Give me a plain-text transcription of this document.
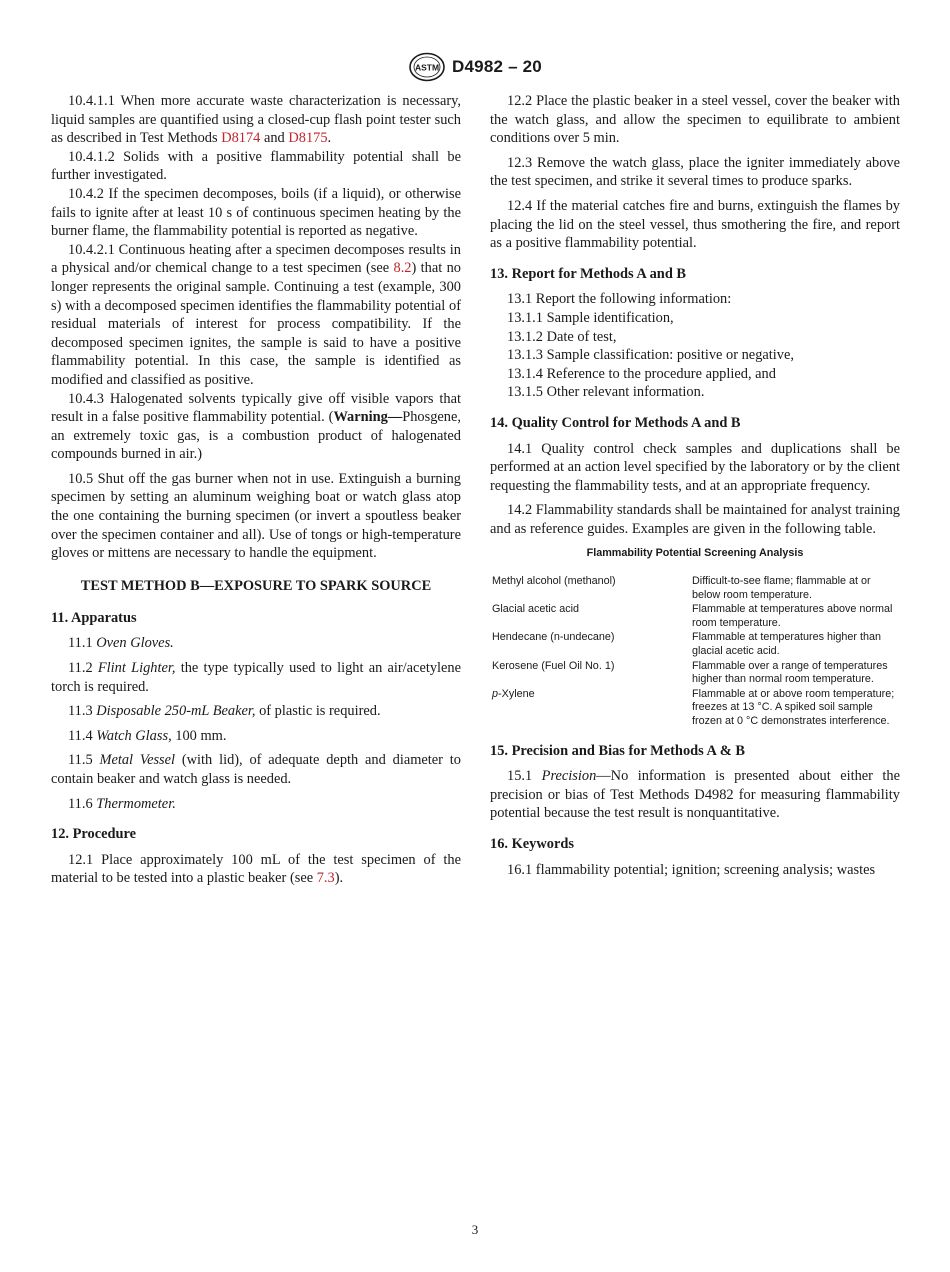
ASTM D4982 – 20

10.4.1.1 When more accurate waste characterization is necessary, liquid samples are quantified using a closed-cup flash point tester such as described in Test Methods D8174 and D8175.

10.4.1.2 Solids with a positive flammability potential shall be further investigated.

10.4.2 If the specimen decomposes, boils (if a liquid), or otherwise fails to ignite after at least 10 s of continuous specimen heating by the burner flame, the flammability potential is reported as negative.

10.4.2.1 Continuous heating after a specimen decomposes results in a physical and/or chemical change to a test specimen (see 8.2) that no longer represents the original sample. Continuing a test (example, 300 s) with a decomposed specimen identifies the flammability potential of residual materials of interest for process compatibility. If the decomposed specimen ignites, the sample is said to have a positive flammability potential. In this case, the sample is identified as modified and classified as positive.

10.4.3 Halogenated solvents typically give off visible vapors that result in a false positive flammability potential. (Warning—Phosgene, an extremely toxic gas, is a combustion product of halogenated compounds burned in air.)

10.5 Shut off the gas burner when not in use. Extinguish a burning specimen by setting an aluminum weighing boat or watch glass atop the one containing the burning specimen (or invert a spoutless beaker over the specimen container and all). Use of tongs or high-temperature gloves or mittens are necessary to handle the equipment.

TEST METHOD B—EXPOSURE TO SPARK SOURCE
11. Apparatus

11.1 Oven Gloves.

11.2 Flint Lighter, the type typically used to light an air/acetylene torch is required.

11.3 Disposable 250-mL Beaker, of plastic is required.

11.4 Watch Glass, 100 mm.

11.5 Metal Vessel (with lid), of adequate depth and diameter to contain beaker and watch glass is needed.

11.6 Thermometer.

12. Procedure

12.1 Place approximately 100 mL of the test specimen of the material to be tested into a plastic beaker (see 7.3).

12.2 Place the plastic beaker in a steel vessel, cover the beaker with the watch glass, and allow the specimen to equilibrate to ambient conditions over 5 min.

12.3 Remove the watch glass, place the igniter immediately above the test specimen, and strike it several times to produce sparks.

12.4 If the material catches fire and burns, extinguish the flames by placing the lid on the steel vessel, thus smothering the fire, and report as a positive flammability potential.

13. Report for Methods A and B

13.1 Report the following information:

13.1.1 Sample identification,

13.1.2 Date of test,

13.1.3 Sample classification: positive or negative,

13.1.4 Reference to the procedure applied, and

13.1.5 Other relevant information.

14. Quality Control for Methods A and B

14.1 Quality control check samples and duplications shall be performed at an action level specified by the laboratory or by the client requesting the flammability tests, and at an appropriate frequency.

14.2 Flammability standards shall be maintained for analyst training and as reference guides. Examples are given in the following table.

Flammability Potential Screening Analysis
Methyl alcohol (methanol)	Difficult-to-see flame; flammable at or below room temperature.
Glacial acetic acid	Flammable at temperatures above normal room temperature.
Hendecane (n-undecane)	Flammable at temperatures higher than glacial acetic acid.
Kerosene (Fuel Oil No. 1)	Flammable over a range of temperatures higher than normal room temperature.
p-Xylene	Flammable at or above room temperature; freezes at 13 °C. A spiked soil sample frozen at 0 °C demonstrates interference.
15. Precision and Bias for Methods A & B

15.1 Precision—No information is presented about either the precision or bias of Test Methods D4982 for measuring flammability potential because the test result is nonquantitative.

16. Keywords

16.1 flammability potential; ignition; screening analysis; wastes

3
